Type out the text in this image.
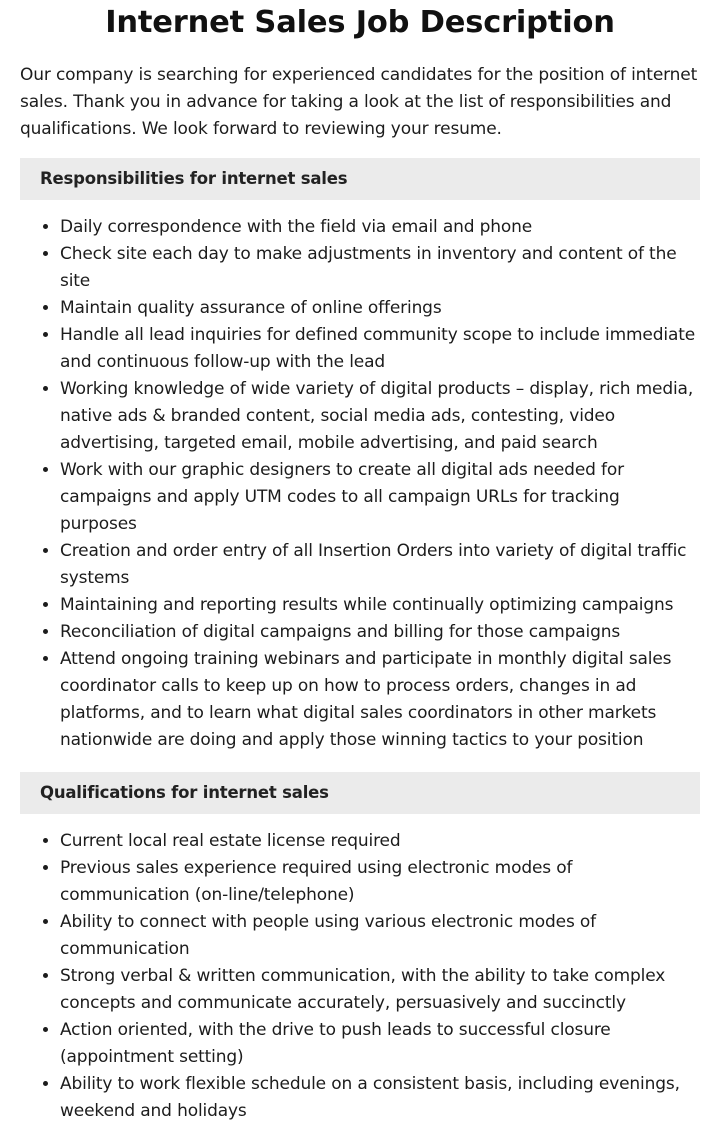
Internet Sales Job Description

Our company is searching for experienced candidates for the position of internet sales. Thank you in advance for taking a look at the list of responsibilities and qualifications. We look forward to reviewing your resume.

Responsibilities for internet sales
• Daily correspondence with the field via email and phone
• Check site each day to make adjustments in inventory and content of the site
• Maintain quality assurance of online offerings
• Handle all lead inquiries for defined community scope to include immediate and continuous follow-up with the lead
• Working knowledge of wide variety of digital products – display, rich media, native ads & branded content, social media ads, contesting, video advertising, targeted email, mobile advertising, and paid search
• Work with our graphic designers to create all digital ads needed for campaigns and apply UTM codes to all campaign URLs for tracking purposes
• Creation and order entry of all Insertion Orders into variety of digital traffic systems
• Maintaining and reporting results while continually optimizing campaigns
• Reconciliation of digital campaigns and billing for those campaigns
• Attend ongoing training webinars and participate in monthly digital sales coordinator calls to keep up on how to process orders, changes in ad platforms, and to learn what digital sales coordinators in other markets nationwide are doing and apply those winning tactics to your position
Qualifications for internet sales
• Current local real estate license required
• Previous sales experience required using electronic modes of communication (on-line/telephone)
• Ability to connect with people using various electronic modes of communication
• Strong verbal & written communication, with the ability to take complex concepts and communicate accurately, persuasively and succinctly
• Action oriented, with the drive to push leads to successful closure (appointment setting)
• Ability to work flexible schedule on a consistent basis, including evenings, weekend and holidays
